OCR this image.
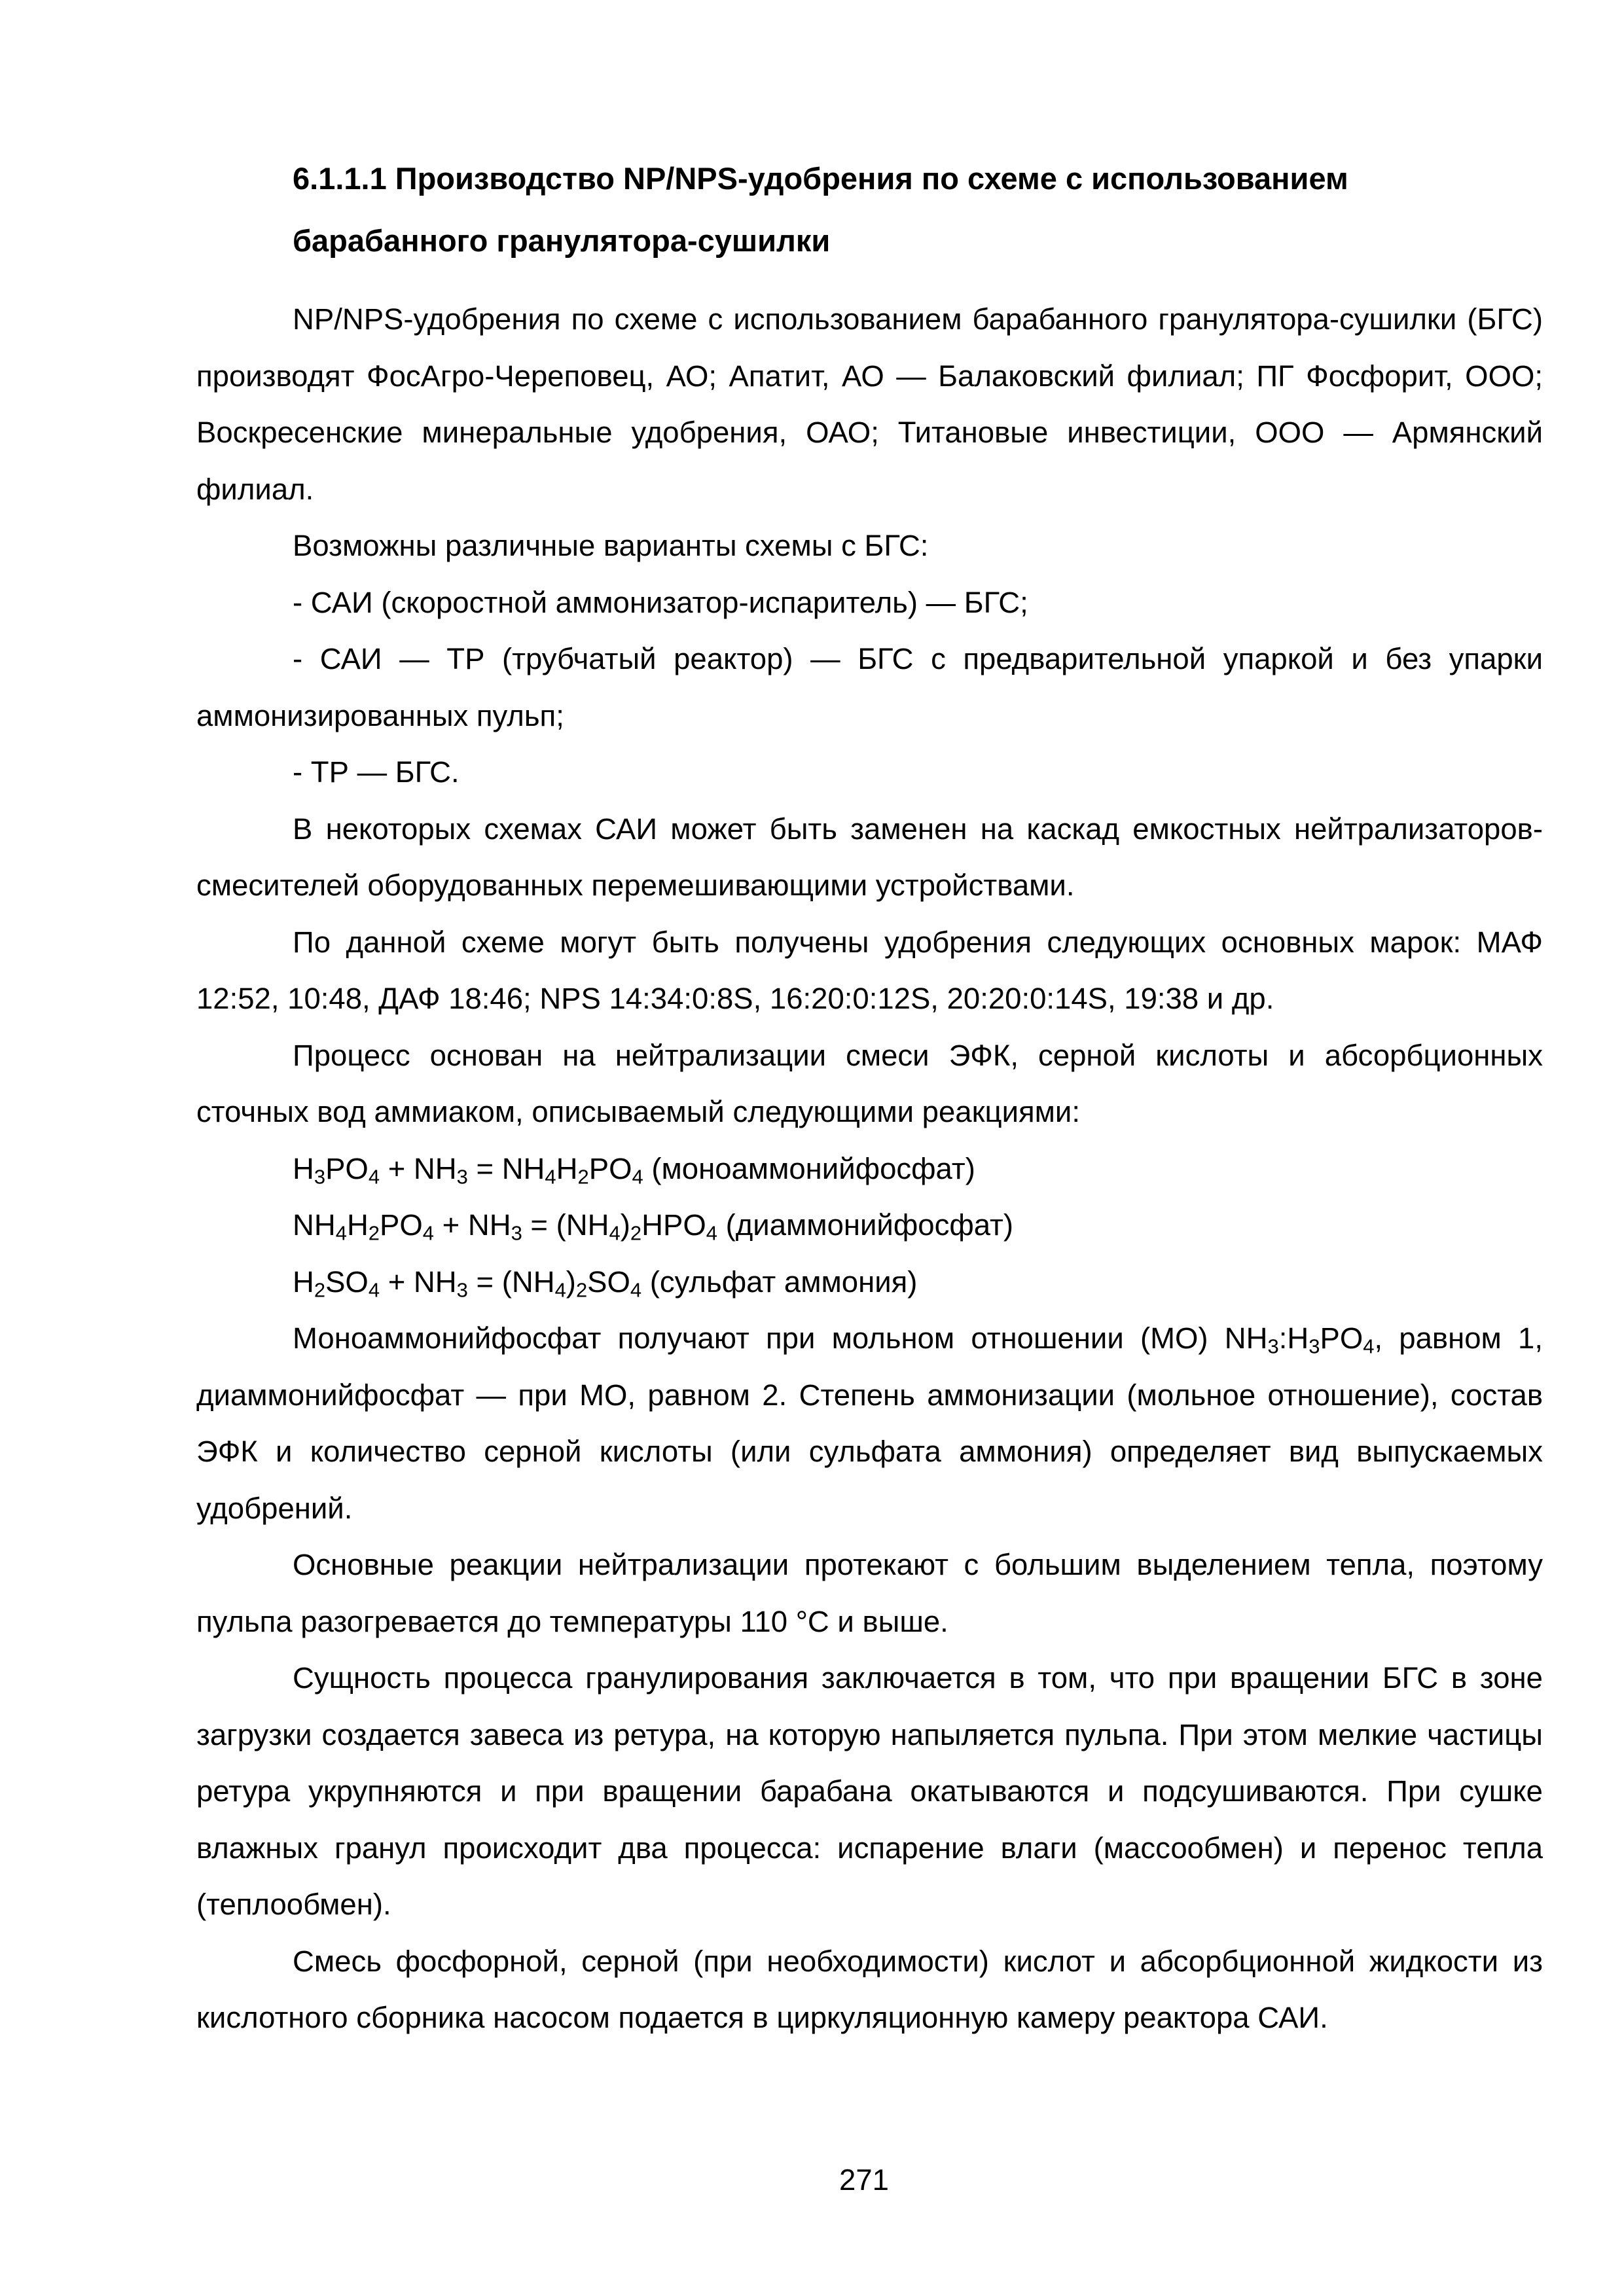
6.1.1.1 Производство NP/NPS-удобрения по схеме с использованием
барабанного гранулятора-сушилки

NP/NPS-удобрения по схеме с использованием барабанного гранулятора-сушилки (БГС) производят ФосАгро-Череповец, АО; Апатит, АО — Балаковский филиал; ПГ Фосфорит, ООО; Воскресенские минеральные удобрения, ОАО; Титановые инвестиции, ООО — Армянский филиал.

Возможны различные варианты схемы с БГС:

- САИ (скоростной аммонизатор-испаритель) — БГС;

- САИ — ТР (трубчатый реактор) — БГС с предварительной упаркой и без упарки аммонизированных пульп;

- ТР — БГС.

В некоторых схемах САИ может быть заменен на каскад емкостных нейтрализаторов-смесителей оборудованных перемешивающими устройствами.

По данной схеме могут быть получены удобрения следующих основных марок: МАФ 12:52, 10:48, ДАФ 18:46; NPS 14:34:0:8S, 16:20:0:12S, 20:20:0:14S, 19:38 и др.

Процесс основан на нейтрализации смеси ЭФК, серной кислоты и абсорбционных сточных вод аммиаком, описываемый следующими реакциями:

$H_3PO_4 + NH_3 = NH_4H_2PO_4$ (моноаммонийфосфат)

$NH_4H_2PO_4 + NH_3 = (NH_4)_2HPO_4$ (диаммонийфосфат)

$H_2SO_4 + NH_3 = (NH_4)_2SO_4$ (сульфат аммония)

Моноаммонийфосфат получают при мольном отношении (МО) $NH_3:H_3PO_4$, равном 1, диаммонийфосфат — при МО, равном 2. Степень аммонизации (мольное отношение), состав ЭФК и количество серной кислоты (или сульфата аммония) определяет вид выпускаемых удобрений.

Основные реакции нейтрализации протекают с большим выделением тепла, поэтому пульпа разогревается до температуры 110 °С и выше.

Сущность процесса гранулирования заключается в том, что при вращении БГС в зоне загрузки создается завеса из ретура, на которую напыляется пульпа. При этом мелкие частицы ретура укрупняются и при вращении барабана окатываются и подсушиваются. При сушке влажных гранул происходит два процесса: испарение влаги (массообмен) и перенос тепла (теплообмен).

Смесь фосфорной, серной (при необходимости) кислот и абсорбционной жидкости из кислотного сборника насосом подается в циркуляционную камеру реактора САИ.

271
